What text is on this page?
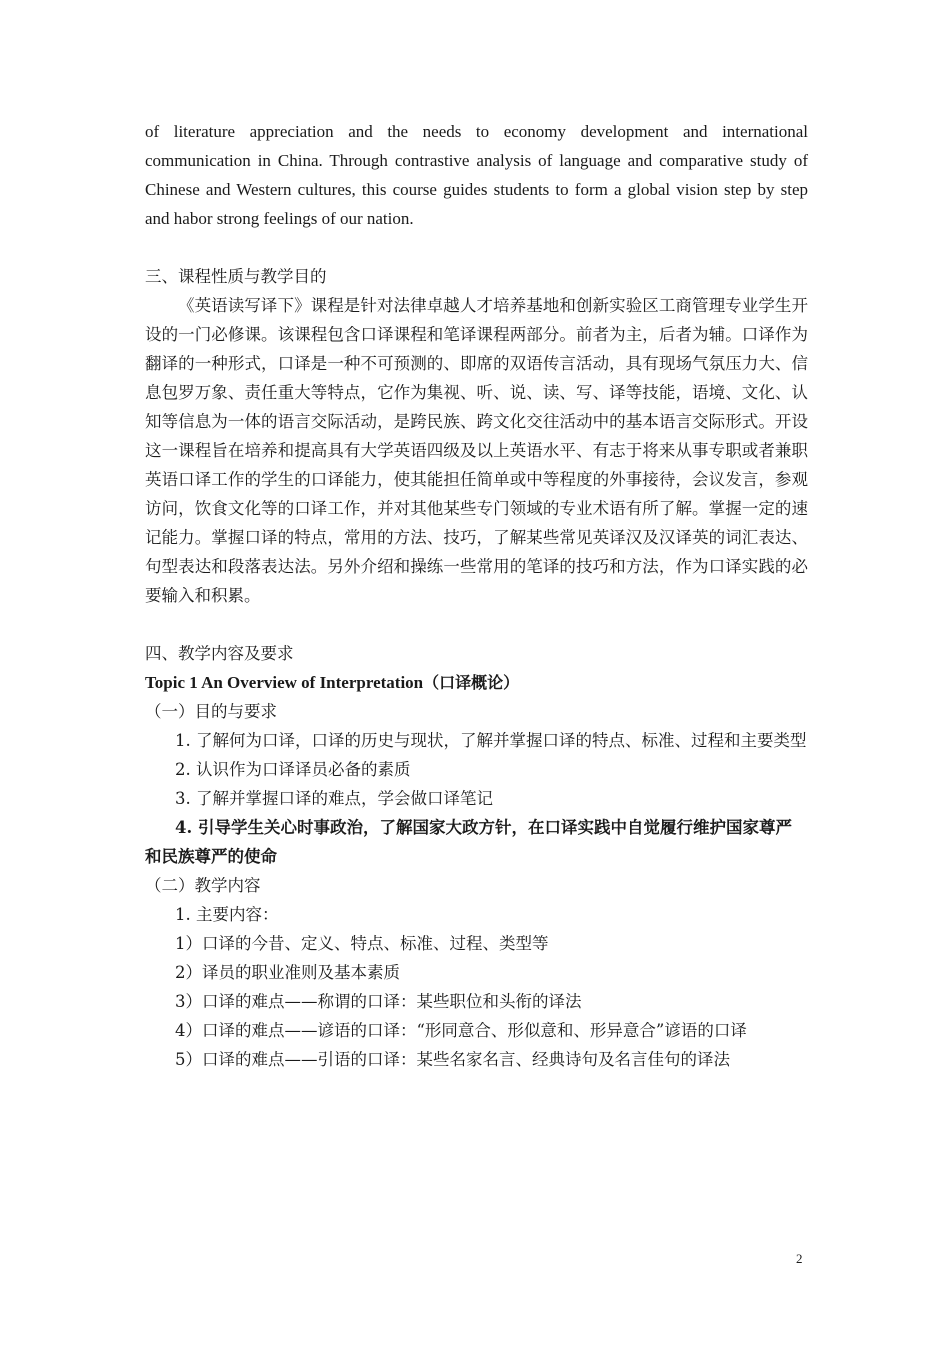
of literature appreciation and the needs to economy development and international communication in China. Through contrastive analysis of language and comparative study of Chinese and Western cultures, this course guides students to form a global vision step by step and habor strong feelings of our nation.

三、课程性质与教学目的

《英语读写译下》课程是针对法律卓越人才培养基地和创新实验区工商管理专业学生开设的一门必修课。该课程包含口译课程和笔译课程两部分。前者为主，后者为辅。口译作为翻译的一种形式，口译是一种不可预测的、即席的双语传言活动，具有现场气氛压力大、信息包罗万象、责任重大等特点，它作为集视、听、说、读、写、译等技能，语境、文化、认知等信息为一体的语言交际活动，是跨民族、跨文化交往活动中的基本语言交际形式。开设这一课程旨在培养和提高具有大学英语四级及以上英语水平、有志于将来从事专职或者兼职英语口译工作的学生的口译能力，使其能担任简单或中等程度的外事接待，会议发言，参观访问，饮食文化等的口译工作，并对其他某些专门领域的专业术语有所了解。掌握一定的速记能力。掌握口译的特点，常用的方法、技巧，了解某些常见英译汉及汉译英的词汇表达、句型表达和段落表达法。另外介绍和操练一些常用的笔译的技巧和方法，作为口译实践的必要输入和积累。

四、教学内容及要求

Topic 1 An Overview of Interpretation（口译概论）

（一）目的与要求

1. 了解何为口译，口译的历史与现状，了解并掌握口译的特点、标准、过程和主要类型

2. 认识作为口译译员必备的素质

3. 了解并掌握口译的难点，学会做口译笔记

4. 引导学生关心时事政治，了解国家大政方针，在口译实践中自觉履行维护国家尊严和民族尊严的使命

（二）教学内容

1. 主要内容：

1）口译的今昔、定义、特点、标准、过程、类型等

2）译员的职业准则及基本素质

3）口译的难点——称谓的口译：某些职位和头衔的译法

4）口译的难点——谚语的口译：“形同意合、形似意和、形异意合”谚语的口译

5）口译的难点——引语的口译：某些名家名言、经典诗句及名言佳句的译法

2
